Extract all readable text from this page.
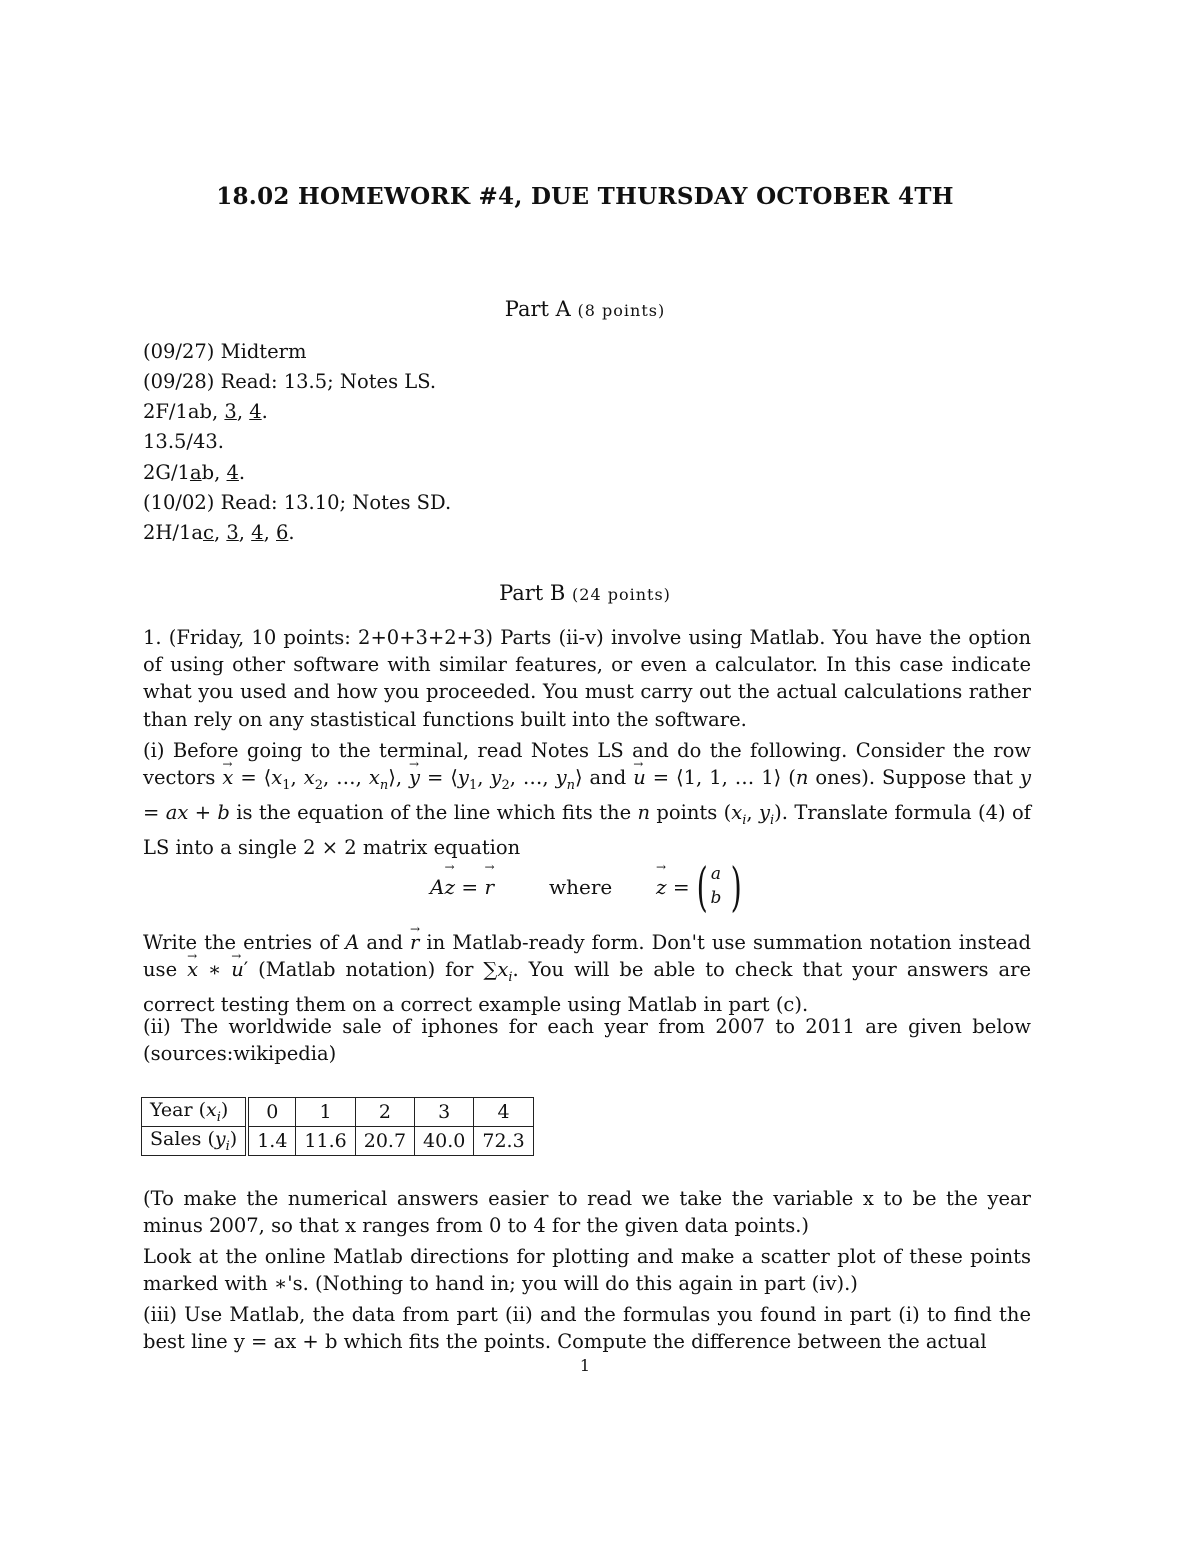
18.02 HOMEWORK #4, DUE THURSDAY OCTOBER 4TH
Part A (8 points)
(09/27) Midterm
(09/28) Read: 13.5; Notes LS.
2F/1ab, 3, 4.
13.5/43.
2G/1ab, 4.
(10/02) Read: 13.10; Notes SD.
2H/1ac, 3, 4, 6.
Part B (24 points)

1. (Friday, 10 points: 2+0+3+2+3) Parts (ii-v) involve using Matlab. You have the option of using other software with similar features, or even a calculator. In this case indicate what you used and how you proceeded. You must carry out the actual calculations rather than rely on any stastistical functions built into the software.

(i) Before going to the terminal, read Notes LS and do the following. Consider the row vectors → $x = ⟨x_1$, $x_2$, …, $x_n⟩$, → $y = ⟨y_1$, $y_2$, …, $y_n⟩$ and → u = ⟨1, 1, … 1⟩ (n ones). Suppose that y = ax + b is the equation of the line which fits the n points ($x_i$, $y_i$). Translate formula (4) of LS into a single 2 × 2 matrix equation

A→ z = → r	where → z = ( a
b )

Write the entries of A and → r in Matlab-ready form. Don't use summation notation instead use → x ∗ → u′ (Matlab notation) for $\sum x_i$. You will be able to check that your answers are correct testing them on a correct example using Matlab in part (c).

(ii) The worldwide sale of iphones for each year from 2007 to 2011 are given below (sources:wikipedia)

Year $(x_i)$	0	1	2	3	4
Sales $(y_i)$	1.4	11.6	20.7	40.0	72.3

(To make the numerical answers easier to read we take the variable x to be the year minus 2007, so that x ranges from 0 to 4 for the given data points.)

Look at the online Matlab directions for plotting and make a scatter plot of these points marked with ∗'s. (Nothing to hand in; you will do this again in part (iv).)

(iii) Use Matlab, the data from part (ii) and the formulas you found in part (i) to find the best line y = ax + b which fits the points. Compute the difference between the actual

1
